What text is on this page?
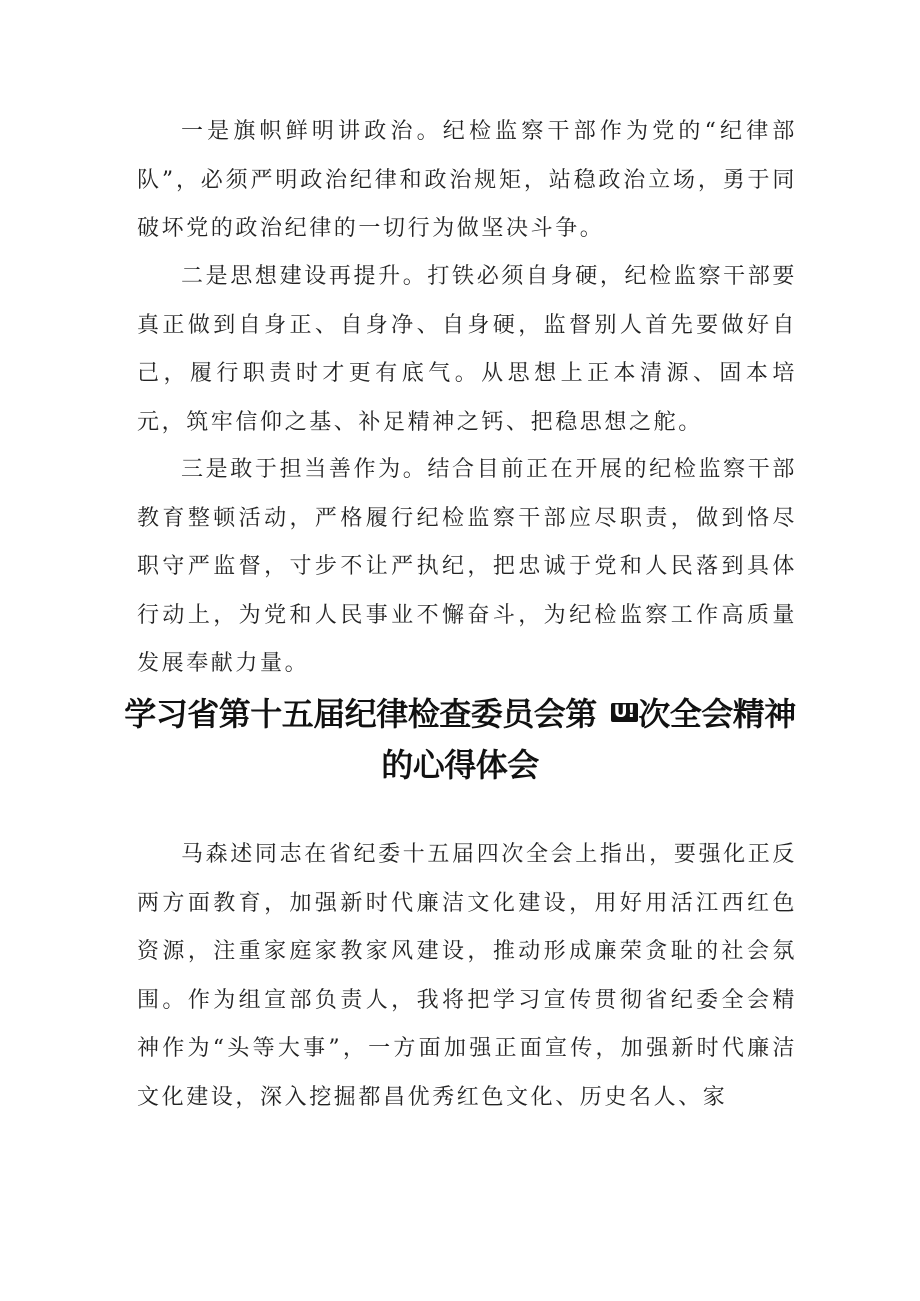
一是旗帜鲜明讲政治。纪检监察干部作为党的“纪律部队”，必须严明政治纪律和政治规矩，站稳政治立场，勇于同破坏党的政治纪律的一切行为做坚决斗争。

二是思想建设再提升。打铁必须自身硬，纪检监察干部要真正做到自身正、自身净、自身硬，监督别人首先要做好自己，履行职责时才更有底气。从思想上正本清源、固本培元，筑牢信仰之基、补足精神之钙、把稳思想之舵。

三是敢于担当善作为。结合目前正在开展的纪检监察干部教育整顿活动，严格履行纪检监察干部应尽职责，做到恪尽职守严监督，寸步不让严执纪，把忠诚于党和人民落到具体行动上，为党和人民事业不懈奋斗，为纪检监察工作高质量发展奉献力量。

学习省第十五届纪律检查委员会第 U!次全会精神的心得体会

马森述同志在省纪委十五届四次全会上指出，要强化正反两方面教育，加强新时代廉洁文化建设，用好用活江西红色资源，注重家庭家教家风建设，推动形成廉荣贪耻的社会氛围。作为组宣部负责人，我将把学习宣传贯彻省纪委全会精神作为“头等大事”，一方面加强正面宣传，加强新时代廉洁文化建设，深入挖掘都昌优秀红色文化、历史名人、家
